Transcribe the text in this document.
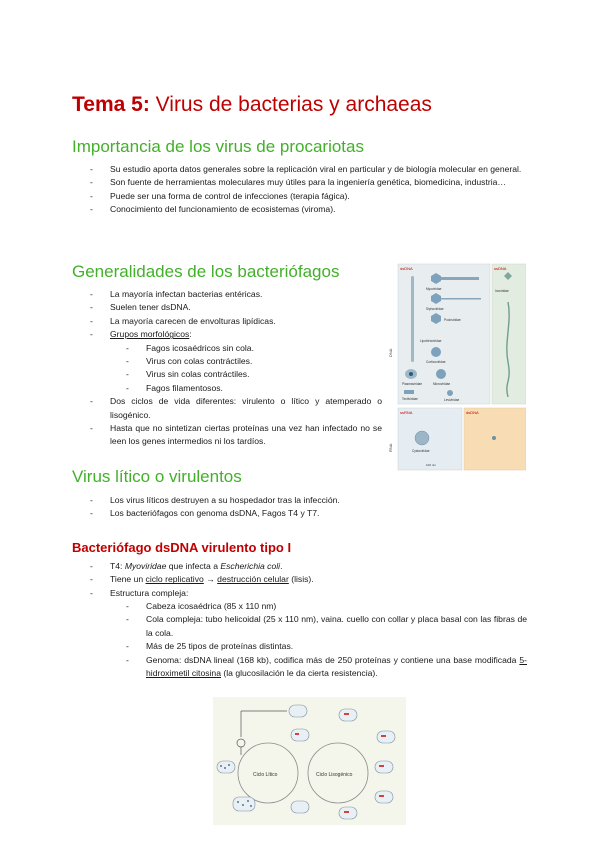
Tema 5: Virus de bacterias y archaeas
Importancia de los virus de procariotas
- Su estudio aporta datos generales sobre la replicación viral en particular y de biología molecular en general.
- Son fuente de herramientas moleculares muy útiles para la ingeniería genética, biomedicina, industria…
- Puede ser una forma de control de infecciones (terapia fágica).
- Conocimiento del funcionamiento de ecosistemas (viroma).
Generalidades de los bacteriófagos
- La mayoría infectan bacterias entéricas.
- Suelen tener dsDNA.
- La mayoría carecen de envolturas lipídicas.
- Grupos morfológicos:
- Fagos icosaédricos sin cola.
- Virus con colas contráctiles.
- Virus sin colas contráctiles.
- Fagos filamentosos.
- Dos ciclos de vida diferentes: virulento o lítico y atemperado o lisogénico.
- Hasta que no sintetizan ciertas proteínas una vez han infectado no se leen los genes intermedios ni los tardíos.
dsDNA	ssDNA
ssRNA	dsDNA
DNA
RNA
Myoviridae
Siphoviridae
Podoviridae
Lipothrixviridae
Corticoviridae
Plasmaviridae	Microviridae
Tectiviridae	Leviviridae
Inoviridae
Cystoviridae
100 nm
Virus lítico o virulentos
- Los virus líticos destruyen a su hospedador tras la infección.
- Los bacteriófagos con genoma dsDNA, Fagos T4 y T7.
Bacteriófago dsDNA virulento tipo I
- T4: Myoviridae que infecta a Escherichia coli.
- Tiene un ciclo replicativo → destrucción celular (lisis).
- Estructura compleja:
- Cabeza icosaédrica (85 x 110 nm)
- Cola compleja: tubo helicoidal (25 x 110 nm), vaina. cuello con collar y placa basal con las fibras de la cola.
- Más de 25 tipos de proteínas distintas.
- Genoma: dsDNA lineal (168 kb), codifica más de 250 proteínas y contiene una base modificada 5-hidroximetil citosina (la glucosilación le da cierta resistencia).
Ciclo Lítico	Ciclo Lisogénico
